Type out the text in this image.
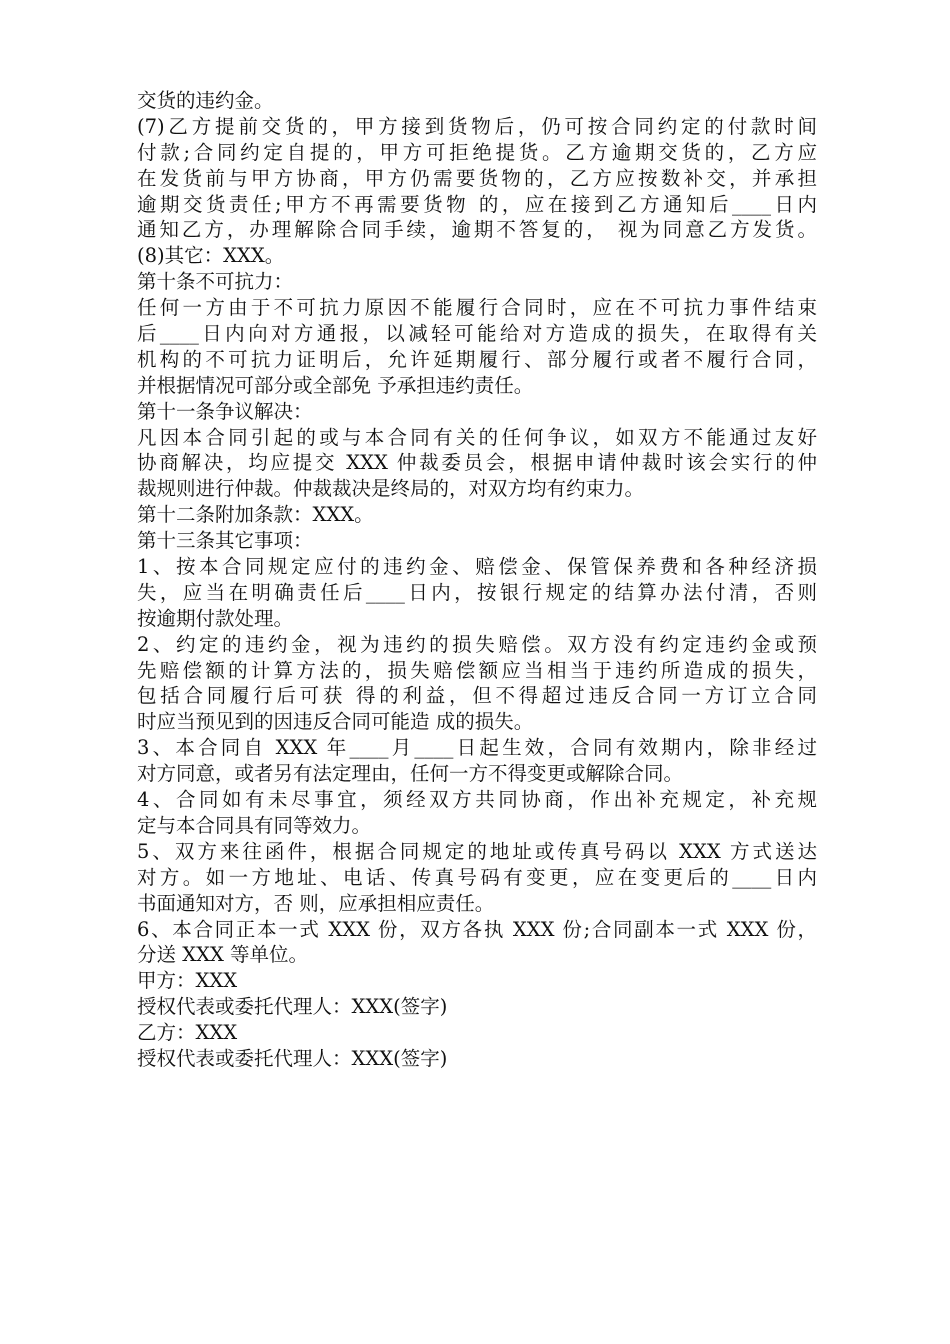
交货的违约金。
(7)乙方提前交货的，甲方接到货物后，仍可按合同约定的付款时间
付款;合同约定自提的，甲方可拒绝提货。乙方逾期交货的，乙方应
在发货前与甲方协商，甲方仍需要货物的，乙方应按数补交，并承担
逾期交货责任;甲方不再需要货物 的，应在接到乙方通知后____日内
通知乙方，办理解除合同手续，逾期不答复的， 视为同意乙方发货。
(8)其它：XXX。
第十条不可抗力：
任何一方由于不可抗力原因不能履行合同时，应在不可抗力事件结束
后____日内向对方通报，以减轻可能给对方造成的损失，在取得有关
机构的不可抗力证明后，允许延期履行、部分履行或者不履行合同，
并根据情况可部分或全部免 予承担违约责任。
第十一条争议解决：
凡因本合同引起的或与本合同有关的任何争议，如双方不能通过友好
协商解决，均应提交 XXX 仲裁委员会，根据申请仲裁时该会实行的仲
裁规则进行仲裁。仲裁裁决是终局的，对双方均有约束力。
第十二条附加条款：XXX。
第十三条其它事项：
1、按本合同规定应付的违约金、赔偿金、保管保养费和各种经济损
失，应当在明确责任后____日内，按银行规定的结算办法付清，否则
按逾期付款处理。
2、约定的违约金，视为违约的损失赔偿。双方没有约定违约金或预
先赔偿额的计算方法的，损失赔偿额应当相当于违约所造成的损失，
包括合同履行后可获 得的利益，但不得超过违反合同一方订立合同
时应当预见到的因违反合同可能造 成的损失。
3、本合同自 XXX 年____月____日起生效，合同有效期内，除非经过
对方同意，或者另有法定理由，任何一方不得变更或解除合同。
4、合同如有未尽事宜，须经双方共同协商，作出补充规定，补充规
定与本合同具有同等效力。
5、双方来往函件，根据合同规定的地址或传真号码以 XXX 方式送达
对方。如一方地址、电话、传真号码有变更，应在变更后的____日内
书面通知对方，否 则，应承担相应责任。
6、本合同正本一式 XXX 份，双方各执 XXX 份;合同副本一式 XXX 份，
分送 XXX 等单位。
甲方：XXX
授权代表或委托代理人：XXX(签字)
乙方：XXX
授权代表或委托代理人：XXX(签字)
